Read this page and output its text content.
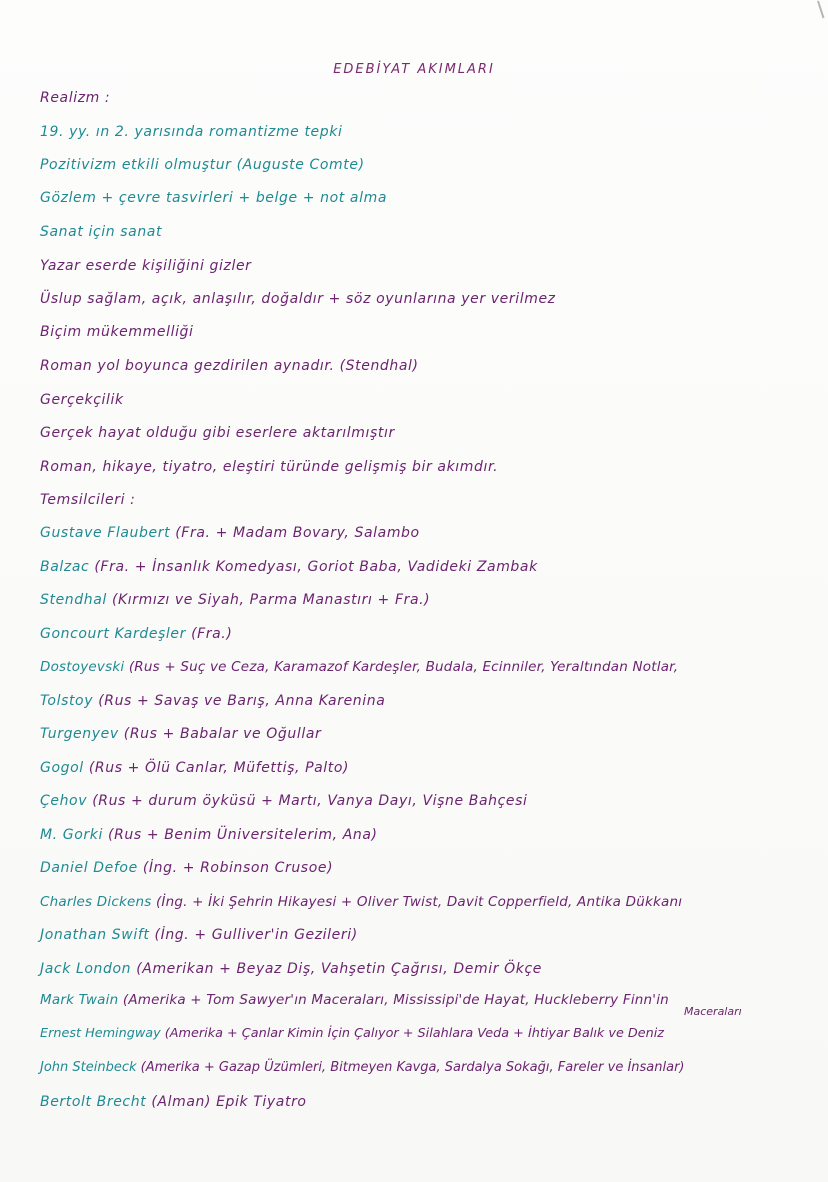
EDEBİYAT AKIMLARI
Realizm :
19. yy. ın 2. yarısında romantizme tepki
Pozitivizm etkili olmuştur (Auguste Comte)
Gözlem + çevre tasvirleri + belge + not alma
Sanat için sanat
Yazar eserde kişiliğini gizler
Üslup sağlam, açık, anlaşılır, doğaldır + söz oyunlarına yer verilmez
Biçim mükemmelliği
Roman yol boyunca gezdirilen aynadır. (Stendhal)
Gerçekçilik
Gerçek hayat olduğu gibi eserlere aktarılmıştır
Roman, hikaye, tiyatro, eleştiri türünde gelişmiş bir akımdır.
Temsilcileri :
Gustave Flaubert (Fra. + Madam Bovary, Salambo
Balzac (Fra. + İnsanlık Komedyası, Goriot Baba, Vadideki Zambak
Stendhal (Kırmızı ve Siyah, Parma Manastırı + Fra.)
Goncourt Kardeşler (Fra.)
Dostoyevski (Rus + Suç ve Ceza, Karamazof Kardeşler, Budala, Ecinniler, Yeraltından Notlar,
Tolstoy (Rus + Savaş ve Barış, Anna Karenina
Turgenyev (Rus + Babalar ve Oğullar
Gogol (Rus + Ölü Canlar, Müfettiş, Palto)
Çehov (Rus + durum öyküsü + Martı, Vanya Dayı, Vişne Bahçesi
M. Gorki (Rus + Benim Üniversitelerim, Ana)
Daniel Defoe (İng. + Robinson Crusoe)
Charles Dickens (İng. + İki Şehrin Hikayesi + Oliver Twist, Davit Copperfield, Antika Dükkanı
Jonathan Swift (İng. + Gulliver'in Gezileri)
Jack London (Amerikan + Beyaz Diş, Vahşetin Çağrısı, Demir Ökçe
Mark Twain (Amerika + Tom Sawyer'ın Maceraları, Mississipi'de Hayat, Huckleberry Finn'in
Maceraları
Ernest Hemingway (Amerika + Çanlar Kimin İçin Çalıyor + Silahlara Veda + İhtiyar Balık ve Deniz
John Steinbeck (Amerika + Gazap Üzümleri, Bitmeyen Kavga, Sardalya Sokağı, Fareler ve İnsanlar)
Bertolt Brecht (Alman) Epik Tiyatro
